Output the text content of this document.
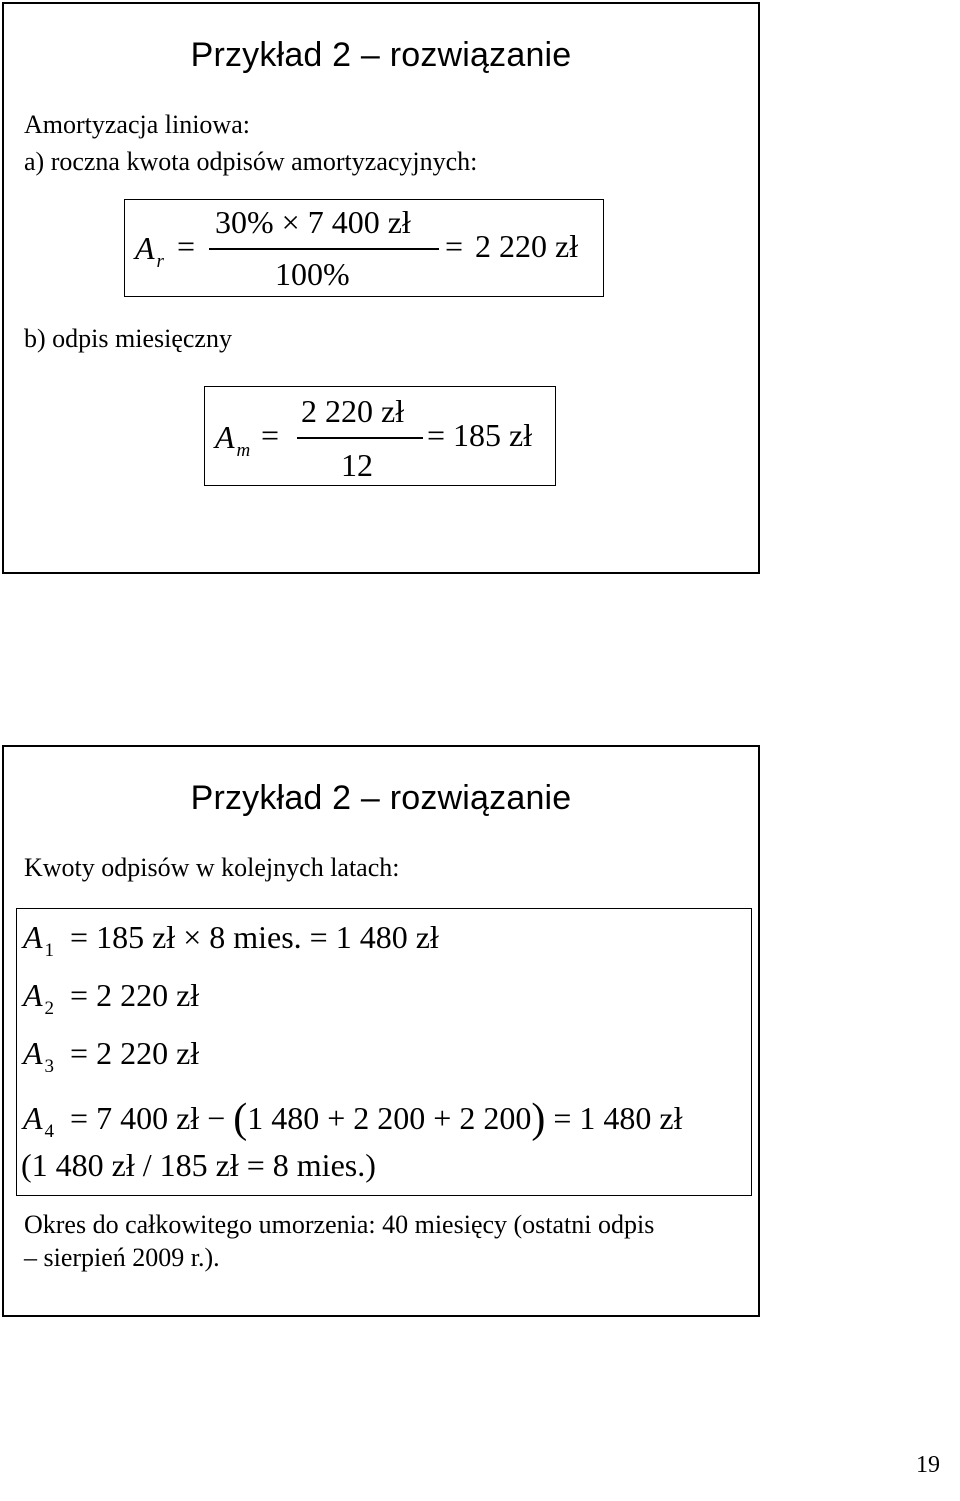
Przykład 2 – rozwiązanie
Amortyzacja liniowa:
a) roczna kwota odpisów amortyzacyjnych:
A $_r$ =
30% × 7 400 zł
100%
= 2 220 zł
b) odpis miesięczny
A $_m$ =
2 220 zł
12
= 185 zł
Przykład 2 – rozwiązanie
Kwoty odpisów w kolejnych latach:
A $_1$ = 185 zł × 8 mies. = 1 480 zł
A $_2$ = 2 220 zł
A $_3$ = 2 220 zł
A $_4$ = 7 400 zł − (1 480 + 2 200 + 2 200) = 1 480 zł
(1 480 zł / 185 zł = 8 mies.)
Okres do całkowitego umorzenia: 40 miesięcy (ostatni odpis
– sierpień 2009 r.).
19
